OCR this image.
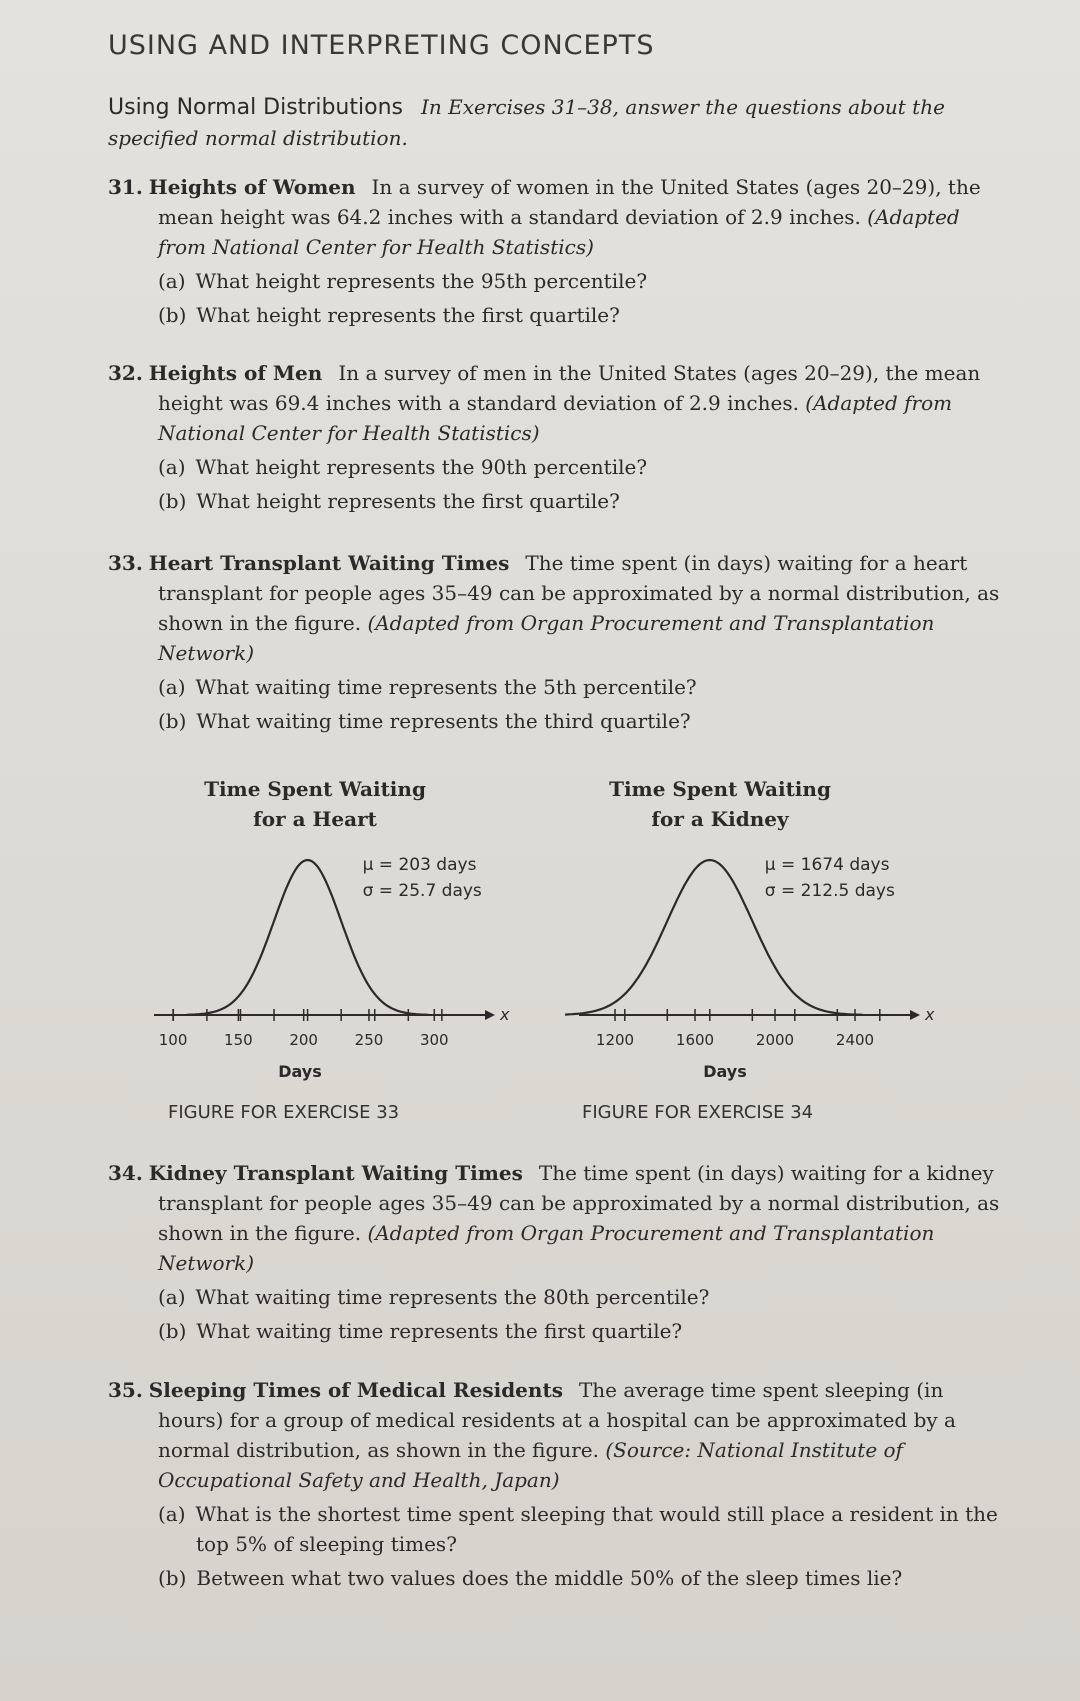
USING AND INTERPRETING CONCEPTS
Using Normal Distributions In Exercises 31–38, answer the questions about the specified normal distribution.
31. Heights of Women In a survey of women in the United States (ages 20–29), the mean height was 64.2 inches with a standard deviation of 2.9 inches. (Adapted from National Center for Health Statistics)
(a) What height represents the 95th percentile?
(b) What height represents the first quartile?
32. Heights of Men In a survey of men in the United States (ages 20–29), the mean height was 69.4 inches with a standard deviation of 2.9 inches. (Adapted from National Center for Health Statistics)
(a) What height represents the 90th percentile?
(b) What height represents the first quartile?
33. Heart Transplant Waiting Times The time spent (in days) waiting for a heart transplant for people ages 35–49 can be approximated by a normal distribution, as shown in the figure. (Adapted from Organ Procurement and Transplantation Network)
(a) What waiting time represents the 5th percentile?
(b) What waiting time represents the third quartile?
Time Spent Waiting
for a Heart
x
100 150 200 250 300
μ = 203 days
σ = 25.7 days
Days
FIGURE FOR EXERCISE 33
Time Spent Waiting
for a Kidney
x
1200	1600	2000	2400
μ = 1674 days
σ = 212.5 days
Days
FIGURE FOR EXERCISE 34
34. Kidney Transplant Waiting Times The time spent (in days) waiting for a kidney transplant for people ages 35–49 can be approximated by a normal distribution, as shown in the figure. (Adapted from Organ Procurement and Transplantation Network)
(a) What waiting time represents the 80th percentile?
(b) What waiting time represents the first quartile?
35. Sleeping Times of Medical Residents The average time spent sleeping (in hours) for a group of medical residents at a hospital can be approximated by a normal distribution, as shown in the figure. (Source: National Institute of Occupational Safety and Health, Japan)
(a) What is the shortest time spent sleeping that would still place a resident in the top 5% of sleeping times?
(b) Between what two values does the middle 50% of the sleep times lie?
